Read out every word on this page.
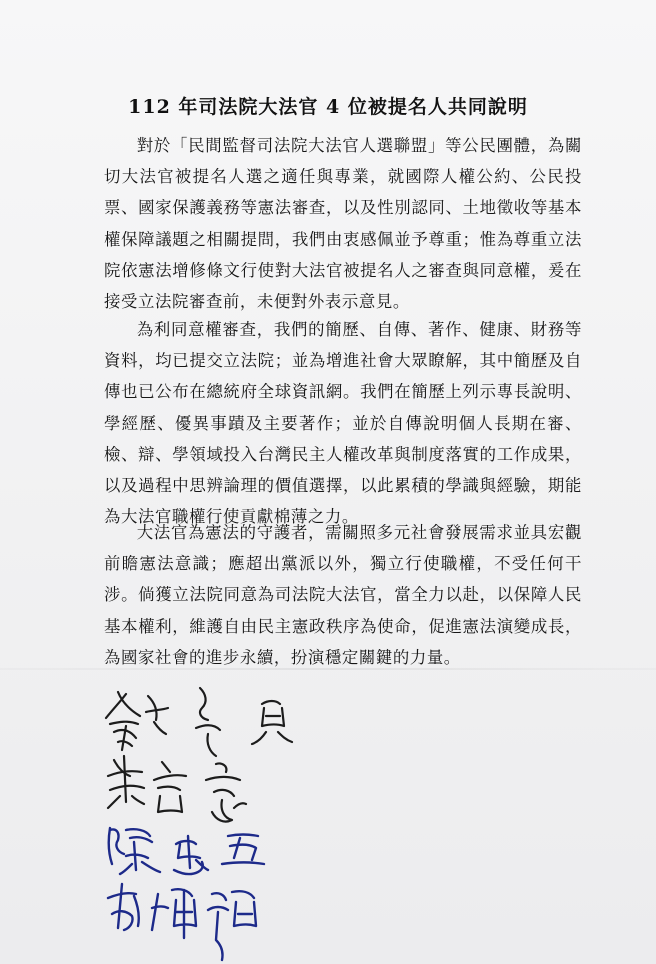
112 年司法院大法官 4 位被提名人共同說明
對於「民間監督司法院大法官人選聯盟」等公民團體，為關切大法官被提名人選之適任與專業，就國際人權公約、公民投票、國家保護義務等憲法審查，以及性別認同、土地徵收等基本權保障議題之相關提問，我們由衷感佩並予尊重；惟為尊重立法院依憲法增修條文行使對大法官被提名人之審查與同意權，爰在接受立法院審查前，未便對外表示意見。
為利同意權審查，我們的簡歷、自傳、著作、健康、財務等資料，均已提交立法院；並為增進社會大眾瞭解，其中簡歷及自傳也已公布在總統府全球資訊網。我們在簡歷上列示專長說明、學經歷、優異事蹟及主要著作；並於自傳說明個人長期在審、檢、辯、學領域投入台灣民主人權改革與制度落實的工作成果，以及過程中思辨論理的價值選擇，以此累積的學識與經驗，期能為大法官職權行使貢獻棉薄之力。
大法官為憲法的守護者，需關照多元社會發展需求並具宏觀前瞻憲法意識；應超出黨派以外，獨立行使職權，不受任何干涉。倘獲立法院同意為司法院大法官，當全力以赴，以保障人民基本權利，維護自由民主憲政秩序為使命，促進憲法演變成長，為國家社會的進步永續，扮演穩定關鍵的力量。
